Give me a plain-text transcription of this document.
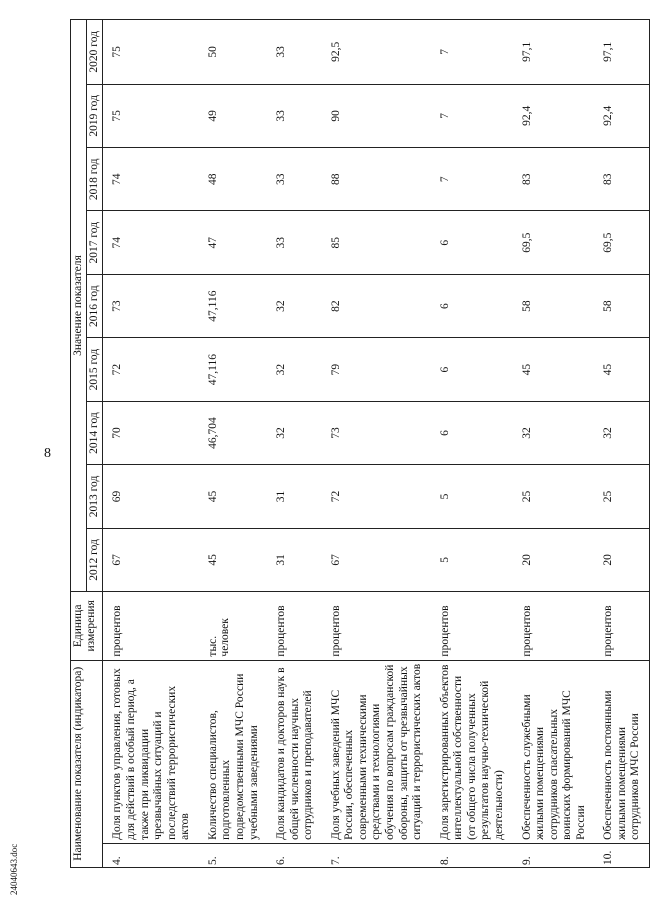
8
Наименование показателя (индикатора)		Единица измерения	Значение показателя								
			2012 год	2013 год	2014 год	2015 год	2016 год	2017 год	2018 год	2019 год	2020 год
4.	Доля пунктов управления, готовых для действий в особый период, а также при ликвидации чрезвычайных ситуаций и последствий террористических актов	процентов	67	69	70	72	73	74	74	75	75
5.	Количество специалистов, подготовленных подведомственными МЧС России учебными заведениями	тыс. человек	45	45	46,704	47,116	47,116	47	48	49	50
6.	Доля кандидатов и докторов наук в общей численности научных сотрудников и преподавателей	процентов	31	31	32	32	32	33	33	33	33
7.	Доля учебных заведений МЧС России, обеспеченных современными техническими средствами и технологиями обучения по вопросам гражданской обороны, защиты от чрезвычайных ситуаций и террористических актов	процентов	67	72	73	79	82	85	88	90	92,5
8.	Доля зарегистрированных объектов интеллектуальной собственности (от общего числа полученных результатов научно-технической деятельности)	процентов	5	5	6	6	6	6	7	7	7
9.	Обеспеченность служебными жилыми помещениями сотрудников спасательных воинских формирований МЧС России	процентов	20	25	32	45	58	69,5	83	92,4	97,1
10.	Обеспеченность постоянными жилыми помещениями сотрудников МЧС России	процентов	20	25	32	45	58	69,5	83	92,4	97,1
24040643.doc
